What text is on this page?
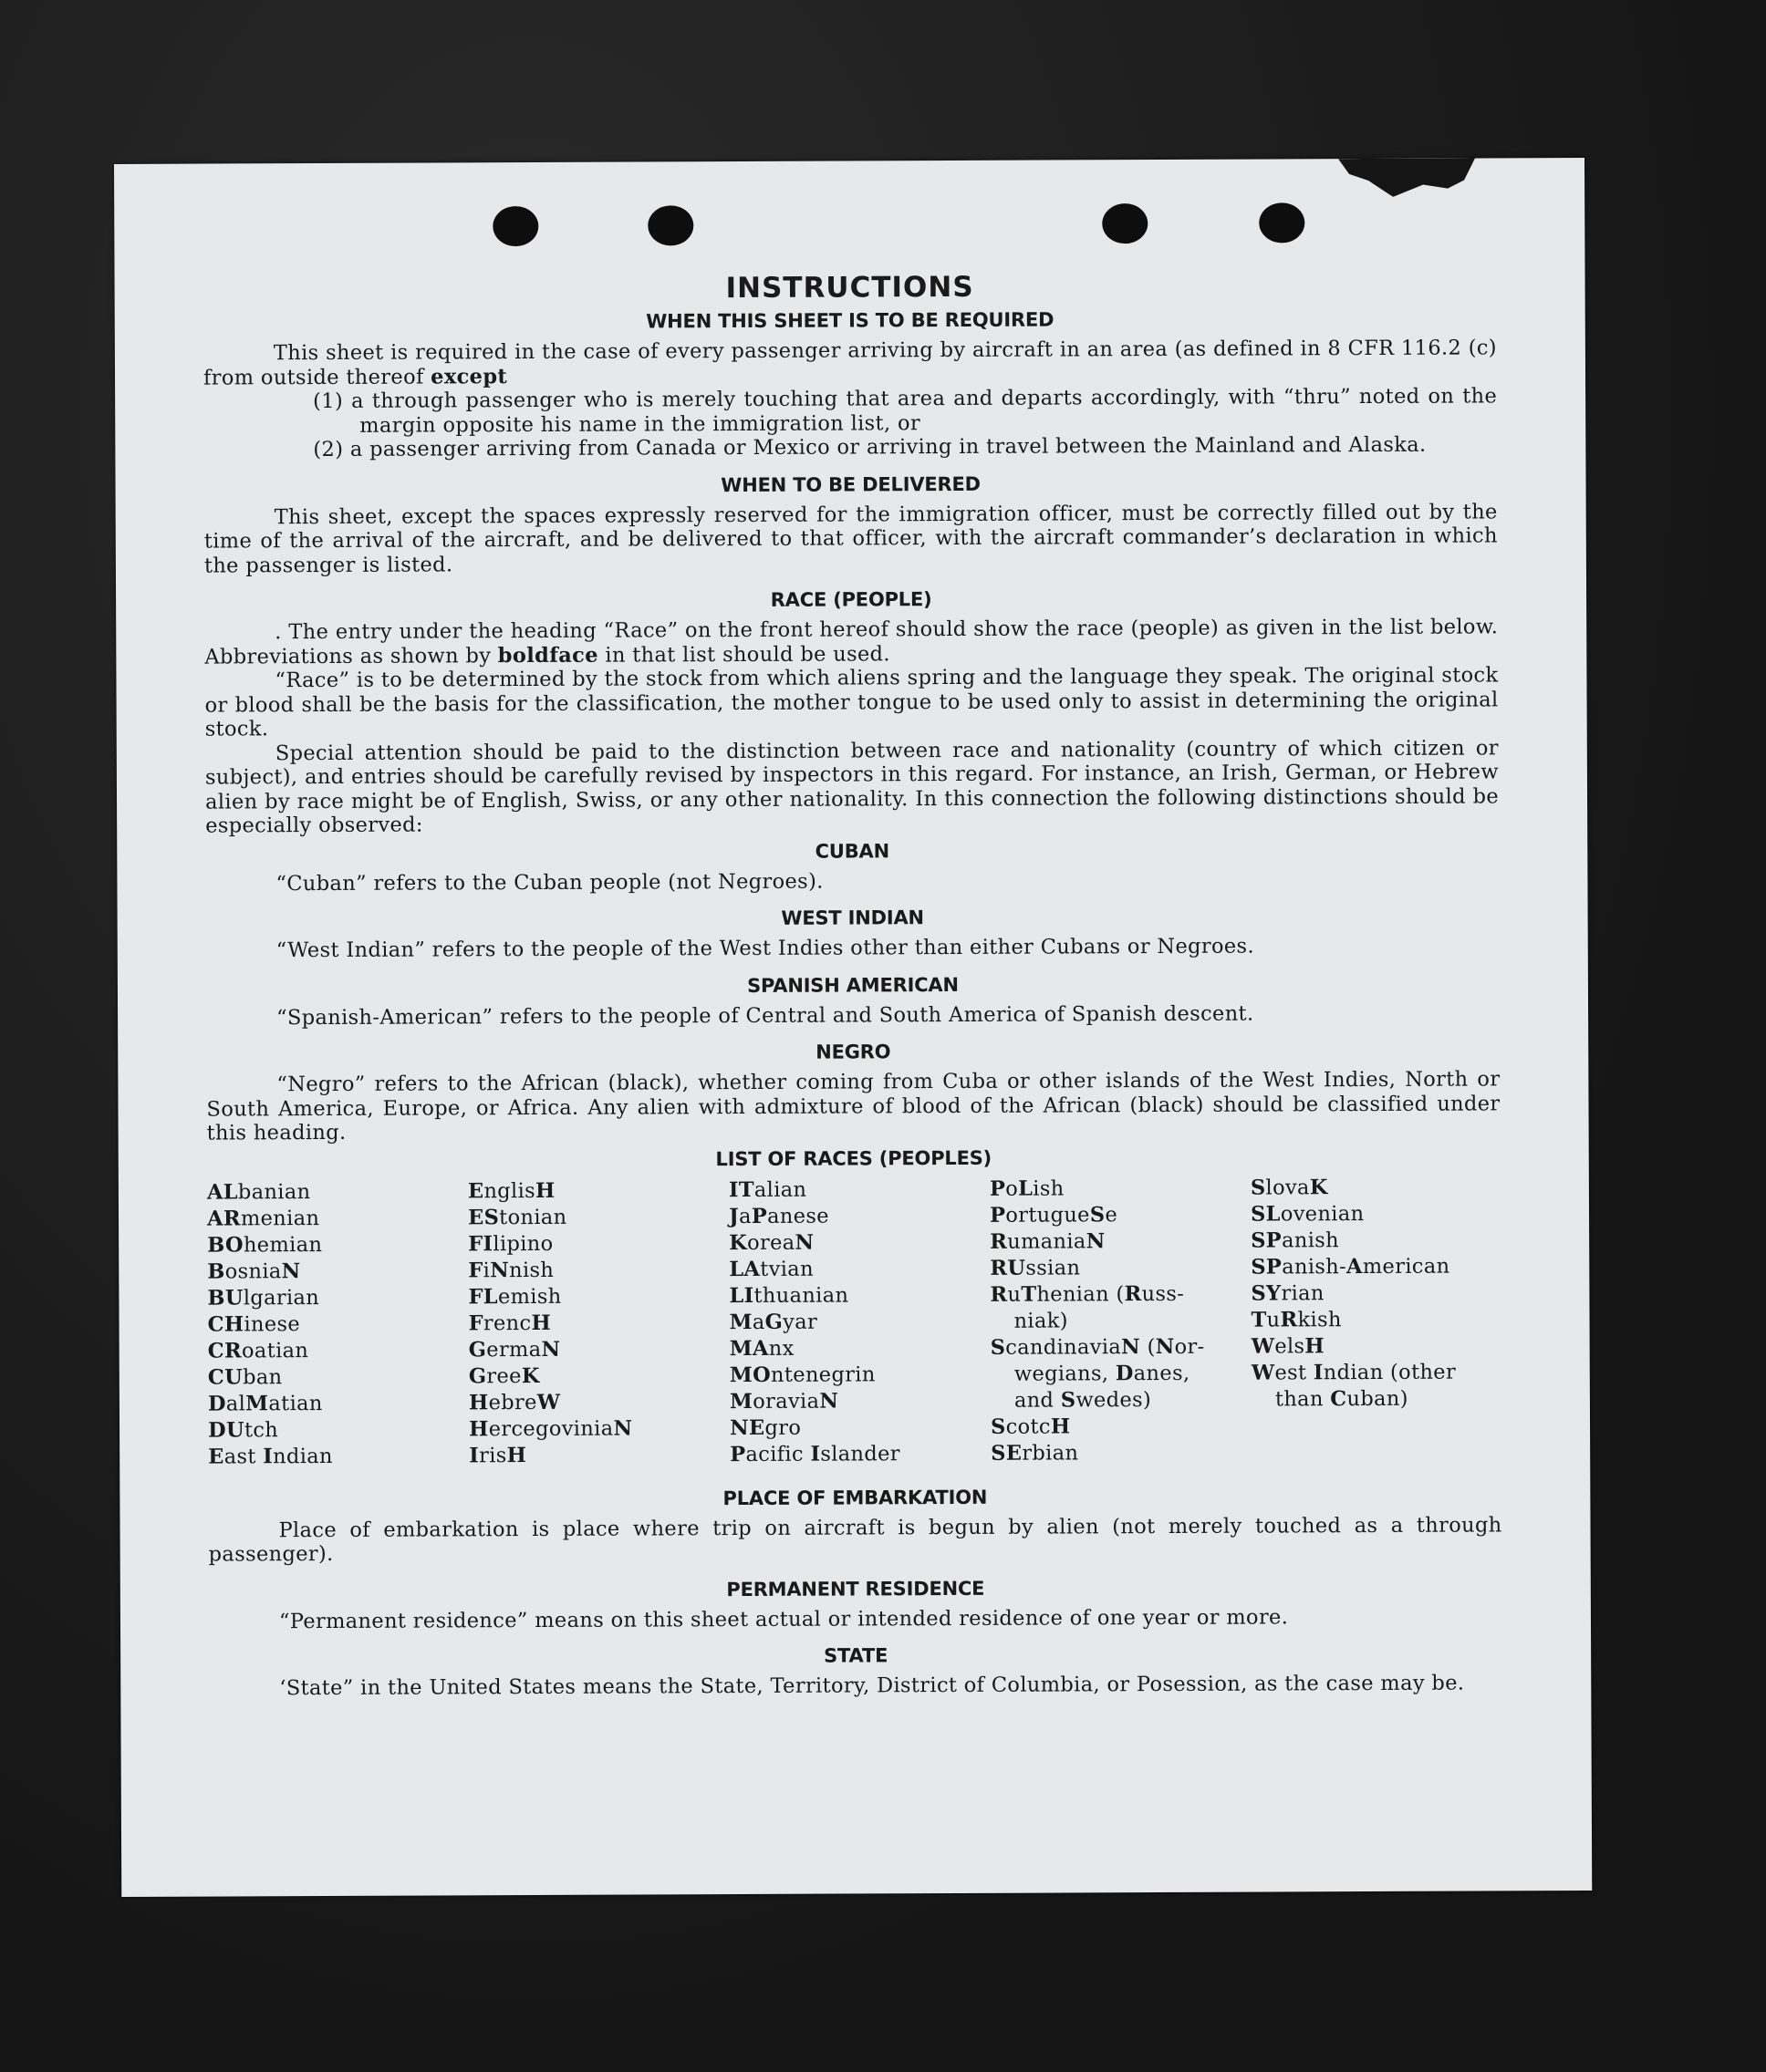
INSTRUCTIONS
WHEN THIS SHEET IS TO BE REQUIRED

This sheet is required in the case of every passenger arriving by aircraft in an area (as defined in 8 CFR 116.2 (c) from outside thereof except

(1) a through passenger who is merely touching that area and departs accordingly, with “thru” noted on the margin opposite his name in the immigration list, or

(2) a passenger arriving from Canada or Mexico or arriving in travel between the Mainland and Alaska.

WHEN TO BE DELIVERED

This sheet, except the spaces expressly reserved for the immigration officer, must be correctly filled out by the time of the arrival of the aircraft, and be delivered to that officer, with the aircraft commander’s declaration in which the passenger is listed.

RACE (PEOPLE)

. The entry under the heading “Race” on the front hereof should show the race (people) as given in the list below. Abbreviations as shown by boldface in that list should be used.

“Race” is to be determined by the stock from which aliens spring and the language they speak. The original stock or blood shall be the basis for the classification, the mother tongue to be used only to assist in determining the original stock.

Special attention should be paid to the distinction between race and nationality (country of which citizen or subject), and entries should be carefully revised by inspectors in this regard. For instance, an Irish, German, or Hebrew alien by race might be of English, Swiss, or any other nationality. In this connection the following distinctions should be especially observed:

CUBAN

“Cuban” refers to the Cuban people (not Negroes).

WEST INDIAN

“West Indian” refers to the people of the West Indies other than either Cubans or Negroes.

SPANISH AMERICAN

“Spanish-American” refers to the people of Central and South America of Spanish descent.

NEGRO

“Negro” refers to the African (black), whether coming from Cuba or other islands of the West Indies, North or South America, Europe, or Africa. Any alien with admixture of blood of the African (black) should be classified under this heading.

LIST OF RACES (PEOPLES)
ALbanian
ARmenian
BOhemian
BosniaN
BUlgarian
CHinese
CRoatian
CUban
DalMatian
DUtch
East Indian
EnglisH
EStonian
FIlipino
FiNnish
FLemish
FrencH
GermaN
GreeK
HebreW
HercegoviniaN
IrisH
ITalian
JaPanese
KoreaN
LAtvian
LIthuanian
MaGyar
MAnx
MOntenegrin
MoraviaN
NEgro
Pacific Islander
PoLish
PortugueSe
RumaniaN
RUssian
RuThenian (Russ-
niak)
ScandinaviaN (Nor-
wegians, Danes,
and Swedes)
ScotcH
SErbian
SlovaK
SLovenian
SPanish
SPanish-American
SYrian
TuRkish
WelsH
West Indian (other
than Cuban)
PLACE OF EMBARKATION

Place of embarkation is place where trip on aircraft is begun by alien (not merely touched as a through passenger).

PERMANENT RESIDENCE

“Permanent residence” means on this sheet actual or intended residence of one year or more.

STATE

‘State” in the United States means the State, Territory, District of Columbia, or Posession, as the case may be.
